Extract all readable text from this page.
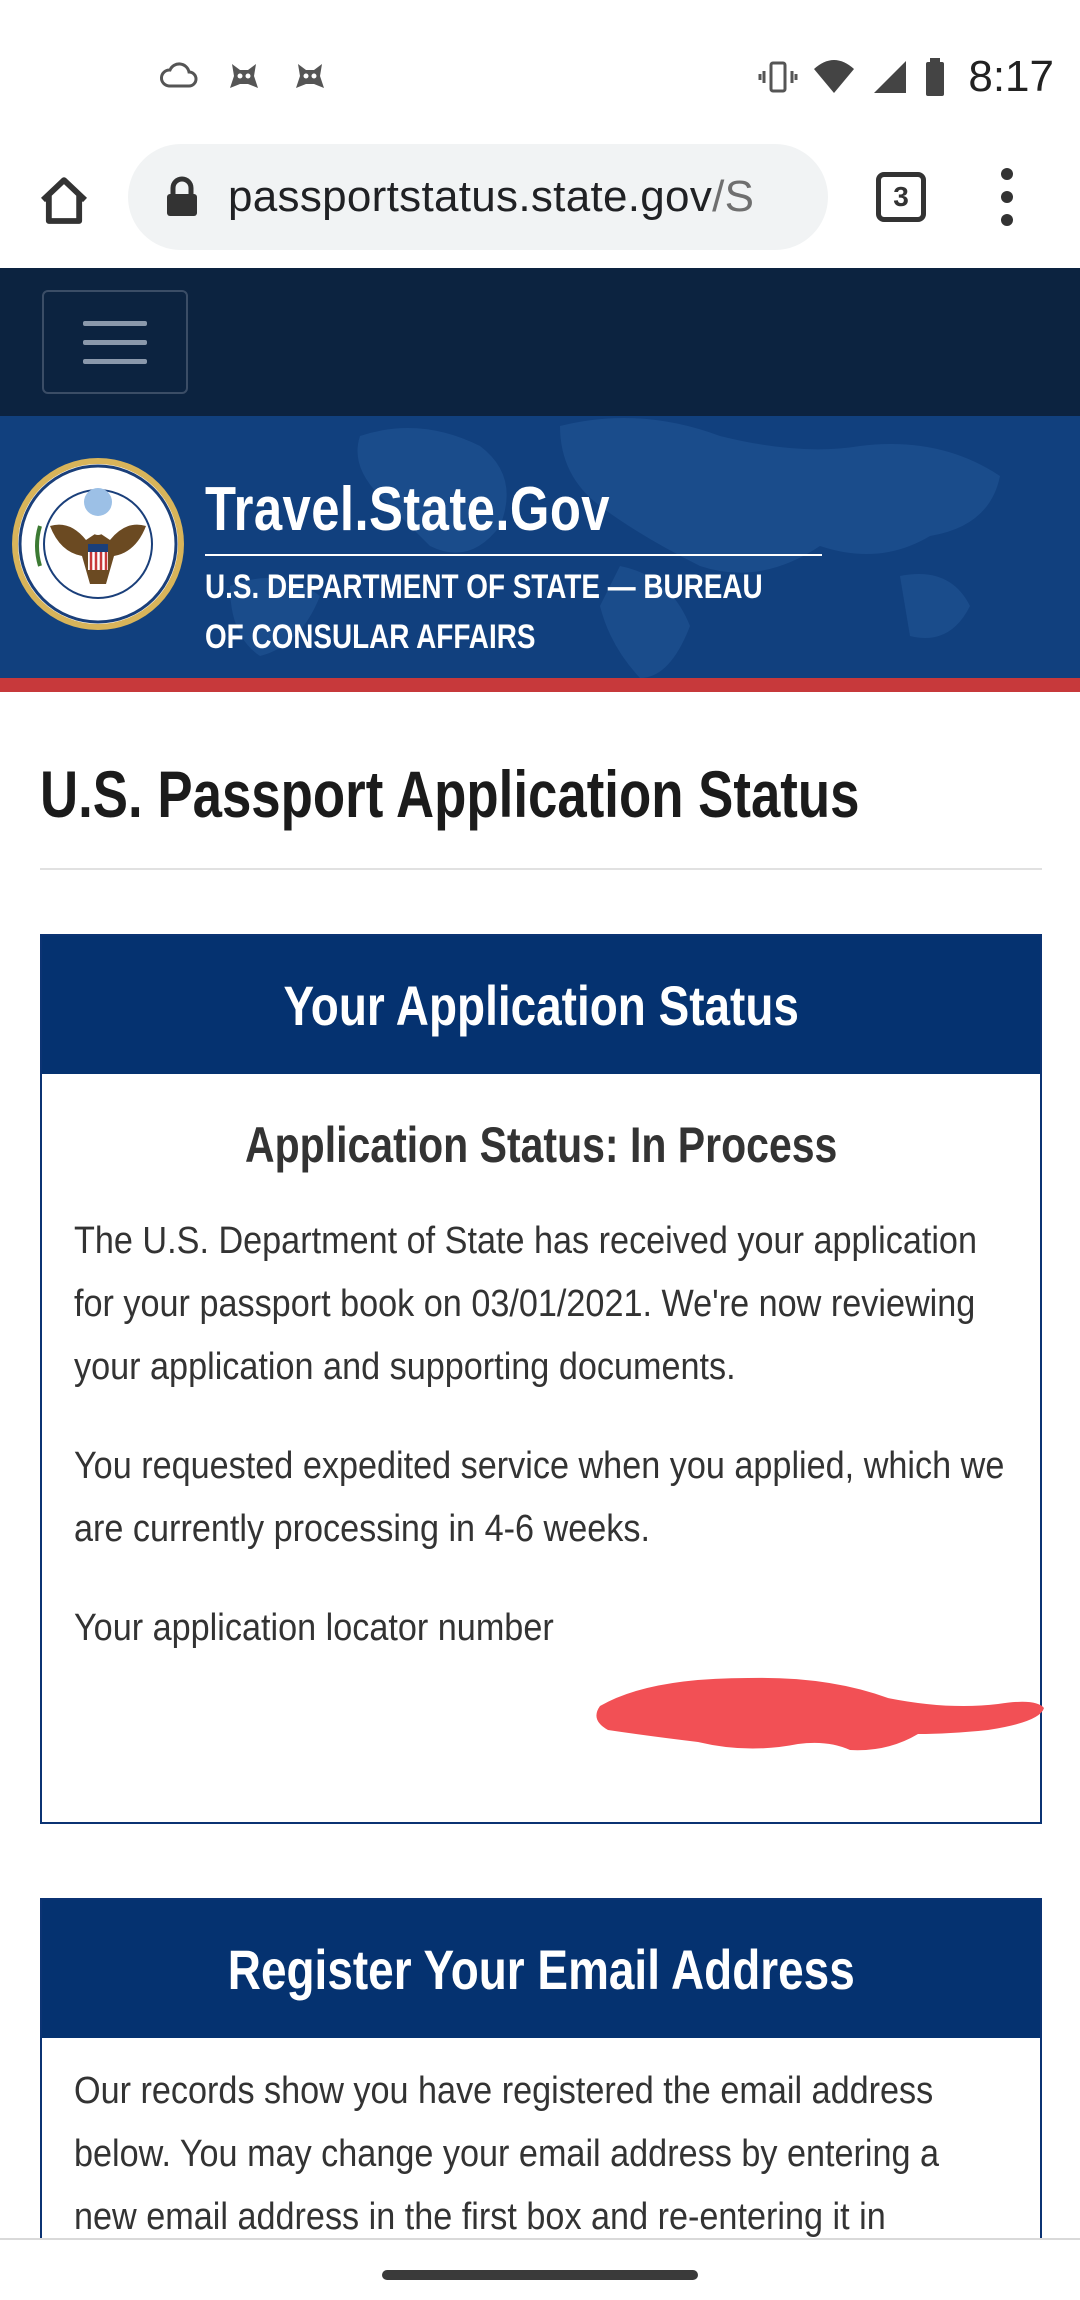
8:17
passportstatus.state.gov/S	3
Travel.State.Gov
U.S. DEPARTMENT OF STATE — BUREAU OF CONSULAR AFFAIRS
U.S. Passport Application Status
Your Application Status
Application Status: In Process

The U.S. Department of State has received your application for your passport book on 03/01/2021. We're now reviewing your application and supporting documents.

You requested expedited service when you applied, which we are currently processing in 4-6 weeks.

Your application locator number

Register Your Email Address

Our records show you have registered the email address below. You may change your email address by entering a new email address in the first box and re-entering it in
